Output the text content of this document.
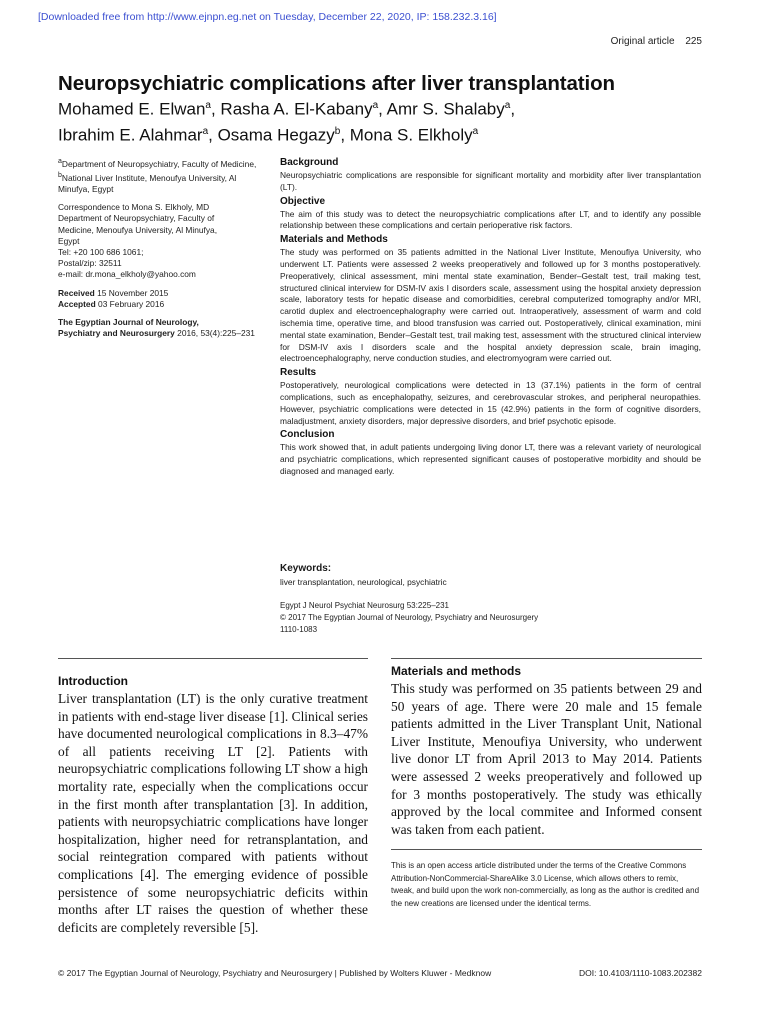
[Downloaded free from http://www.ejnpn.eg.net on Tuesday, December 22, 2020, IP: 158.232.3.16]
Original article 225
Neuropsychiatric complications after liver transplantation
Mohamed E. Elwan$^a$, Rasha A. El-Kabany$^a$, Amr S. Shalaby$^a$,
Ibrahim E. Alahmar$^a$, Osama Hegazy$^b$, Mona S. Elkholy$^a$

$^a$Department of Neuropsychiatry, Faculty of Medicine, $^b$National Liver Institute, Menoufya University, Al Minufya, Egypt

Correspondence to Mona S. Elkholy, MD
Department of Neuropsychiatry, Faculty of
Medicine, Menoufya University, Al Minufya,
Egypt
Tel: +20 100 686 1061;
Postal/zip: 32511
e-mail: dr.mona_elkholy@yahoo.com

Received 15 November 2015
Accepted 03 February 2016

The Egyptian Journal of Neurology,
Psychiatry and Neurosurgery 2016, 53(4):225–231

Background

Neuropsychiatric complications are responsible for significant mortality and morbidity after liver transplantation (LT).

Objective

The aim of this study was to detect the neuropsychiatric complications after LT, and to identify any possible relationship between these complications and certain perioperative risk factors.

Materials and Methods

The study was performed on 35 patients admitted in the National Liver Institute, Menoufiya University, who underwent LT. Patients were assessed 2 weeks preoperatively and followed up for 3 months postoperatively. Preoperatively, clinical assessment, mini mental state examination, Bender–Gestalt test, trail making test, structured clinical interview for DSM-IV axis I disorders scale, assessment using the hospital anxiety depression scale, laboratory tests for hepatic disease and comorbidities, cerebral computerized tomography and/or MRI, carotid duplex and electroencephalography were carried out. Intraoperatively, assessment of warm and cold ischemia time, operative time, and blood transfusion was carried out. Postoperatively, clinical examination, mini mental state examination, Bender–Gestalt test, trail making test, assessment with the structured clinical interview for DSM-IV axis I disorders scale and the hospital anxiety depression scale, brain imaging, electroencephalography, nerve conduction studies, and electromyogram were carried out.

Results

Postoperatively, neurological complications were detected in 13 (37.1%) patients in the form of central complications, such as encephalopathy, seizures, and cerebrovascular strokes, and peripheral neuropathies. However, psychiatric complications were detected in 15 (42.9%) patients in the form of cognitive disorders, maladjustment, anxiety disorders, major depressive disorders, and brief psychotic episode.

Conclusion

This work showed that, in adult patients undergoing living donor LT, there was a relevant variety of neurological and psychiatric complications, which represented significant causes of postoperative morbidity and should be diagnosed and managed early.

Keywords:

liver transplantation, neurological, psychiatric

Egypt J Neurol Psychiat Neurosurg 53:225–231
© 2017 The Egyptian Journal of Neurology, Psychiatry and Neurosurgery
1110-1083
Introduction

Liver transplantation (LT) is the only curative treatment in patients with end-stage liver disease [1]. Clinical series have documented neurological complications in 8.3–47% of all patients receiving LT [2]. Patients with neuropsychiatric complications following LT show a high mortality rate, especially when the complications occur in the first month after transplantation [3]. In addition, patients with neuropsychiatric complications have longer hospitalization, higher need for retransplantation, and social reintegration compared with patients without complications [4]. The emerging evidence of possible persistence of some neuropsychiatric deficits within months after LT raises the question of whether these deficits are completely reversible [5].

Materials and methods

This study was performed on 35 patients between 29 and 50 years of age. There were 20 male and 15 female patients admitted in the Liver Transplant Unit, National Liver Institute, Menoufiya University, who underwent live donor LT from April 2013 to May 2014. Patients were assessed 2 weeks preoperatively and followed up for 3 months postoperatively. The study was ethically approved by the local commitee and Informed consent was taken from each patient.

This is an open access article distributed under the terms of the Creative Commons Attribution-NonCommercial-ShareAlike 3.0 License, which allows others to remix, tweak, and build upon the work non-commercially, as long as the author is credited and the new creations are licensed under the identical terms.
© 2017 The Egyptian Journal of Neurology, Psychiatry and Neurosurgery | Published by Wolters Kluwer - Medknow	DOI: 10.4103/1110-1083.202382
